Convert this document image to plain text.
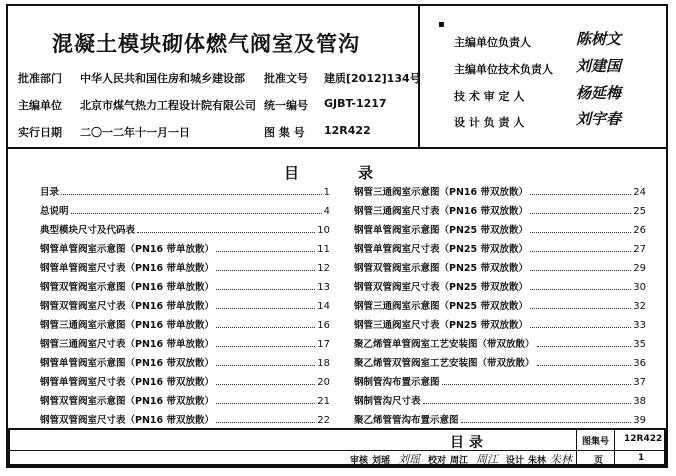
混凝土模块砌体燃气阀室及管沟
▪
批准部门 中华人民共和国住房和城乡建设部 批准文号 建质[2012]134号
主编单位 北京市煤气热力工程设计院有限公司 统一编号 GJBT-1217
实行日期 二〇一二年十一月一日	图 集 号 12R422
主编单位负责人	陈树文
主编单位技术负责人 刘建国
技 术 审 定 人	杨延梅
设 计 负 责 人	刘宇春
目	录
目录	1
总说明	4
典型模块尺寸及代码表	10
钢管单管阀室示意图（PN16 带单放散）	11
钢管单管阀室尺寸表（PN16 带单放散）	12
钢管双管阀室示意图（PN16 带单放散）	13
钢管双管阀室尺寸表（PN16 带单放散）	14
钢管三通阀室示意图（PN16 带单放散）	16
钢管三通阀室尺寸表（PN16 带单放散）	17
钢管单管阀室示意图（PN16 带双放散）	18
钢管单管阀室尺寸表（PN16 带双放散）	20
钢管双管阀室示意图（PN16 带双放散）	21
钢管双管阀室尺寸表（PN16 带双放散）	22
钢管三通阀室示意图（PN16 带双放散）	24
钢管三通阀室尺寸表（PN16 带双放散）	25
钢管单管阀室示意图（PN25 带双放散）	26
钢管单管阀室尺寸表（PN25 带双放散）	27
钢管双管阀室示意图（PN25 带双放散）	29
钢管双管阀室尺寸表（PN25 带双放散）	30
钢管三通阀室示意图（PN25 带双放散）	32
钢管三通阀室尺寸表（PN25 带双放散）	33
聚乙烯管单管阀室工艺安装图（带双放散）	35
聚乙烯管双管阀室工艺安装图（带双放散）	36
钢制管沟布置示意图	37
钢制管沟尺寸表	38
聚乙烯管管沟布置示意图	39
目 录	图集号 12R422
审核 刘瑶 刘瑶 校对 周江 周江 设计 朱林 朱林 页	1
